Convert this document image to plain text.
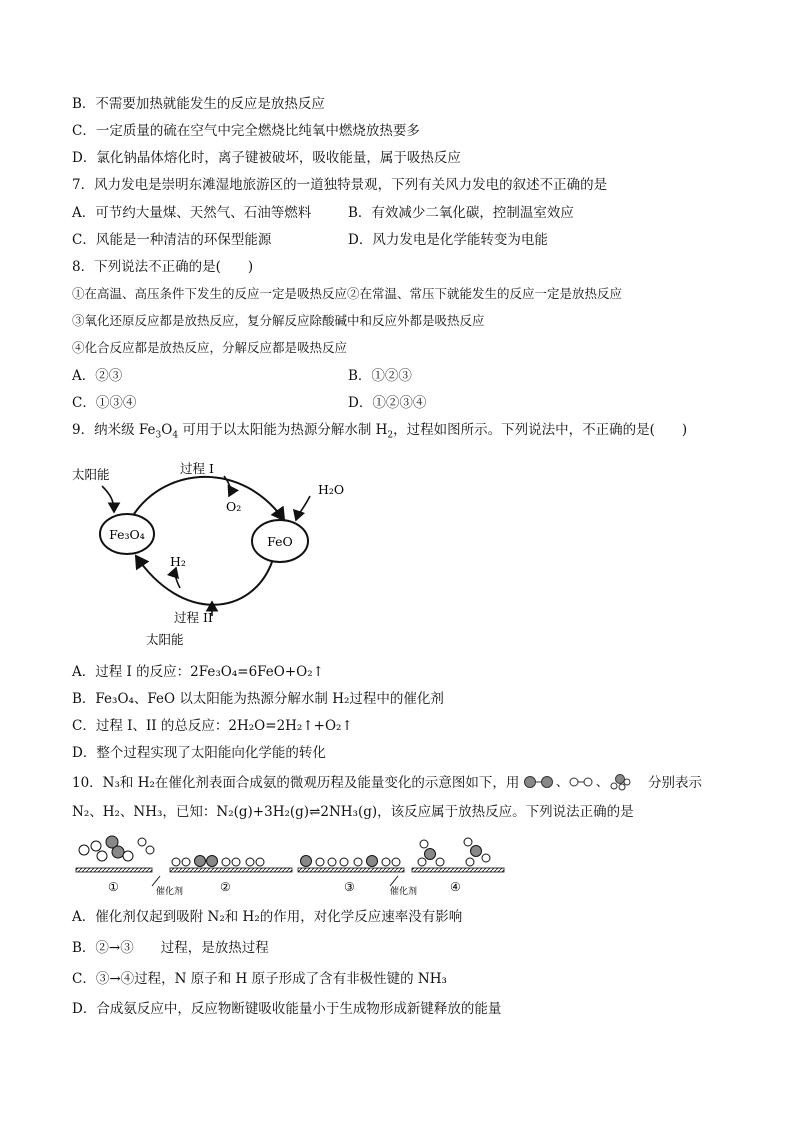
B．不需要加热就能发生的反应是放热反应
C．一定质量的硫在空气中完全燃烧比纯氧中燃烧放热要多
D．氯化钠晶体熔化时，离子键被破坏，吸收能量，属于吸热反应
7．风力发电是崇明东滩湿地旅游区的一道独特景观，下列有关风力发电的叙述不正确的是
A．可节约大量煤、天然气、石油等燃料	B．有效减少二氧化碳，控制温室效应
C．风能是一种清洁的环保型能源	D．风力发电是化学能转变为电能
8．下列说法不正确的是(　　)
①在高温、高压条件下发生的反应一定是吸热反应②在常温、常压下就能发生的反应一定是放热反应
③氧化还原反应都是放热反应，复分解反应除酸碱中和反应外都是吸热反应
④化合反应都是放热反应，分解反应都是吸热反应
A．②③	B．①②③
C．①③④	D．①②③④
9．纳米级 $Fe_3O_4$ 可用于以太阳能为热源分解水制 $H_2$，过程如图所示。下列说法中，不正确的是(　　)
Fe₃O₄	FeO
过程 I
O₂
H₂O
太阳能
H₂
过程 II
太阳能
A．过程 I 的反应：2Fe₃O₄=6FeO+O₂↑
B．Fe₃O₄、FeO 以太阳能为热源分解水制 H₂过程中的催化剂
C．过程 I、II 的总反应：2H₂O=2H₂↑+O₂↑
D．整个过程实现了太阳能向化学能的转化
10．N₃和 H₂在催化剂表面合成氨的微观历程及能量变化的示意图如下，用	、 、	分别表示
N₂、H₂、NH₃，已知：N₂(g)+3H₂(g)⇌2NH₃(g)，该反应属于放热反应。下列说法正确的是
①	②	③	④
催化剂	催化剂
A．催化剂仅起到吸附 N₂和 H₂的作用，对化学反应速率没有影响
B．②→③　　过程，是放热过程
C．③→④过程，N 原子和 H 原子形成了含有非极性键的 NH₃
D．合成氨反应中，反应物断键吸收能量小于生成物形成新键释放的能量
